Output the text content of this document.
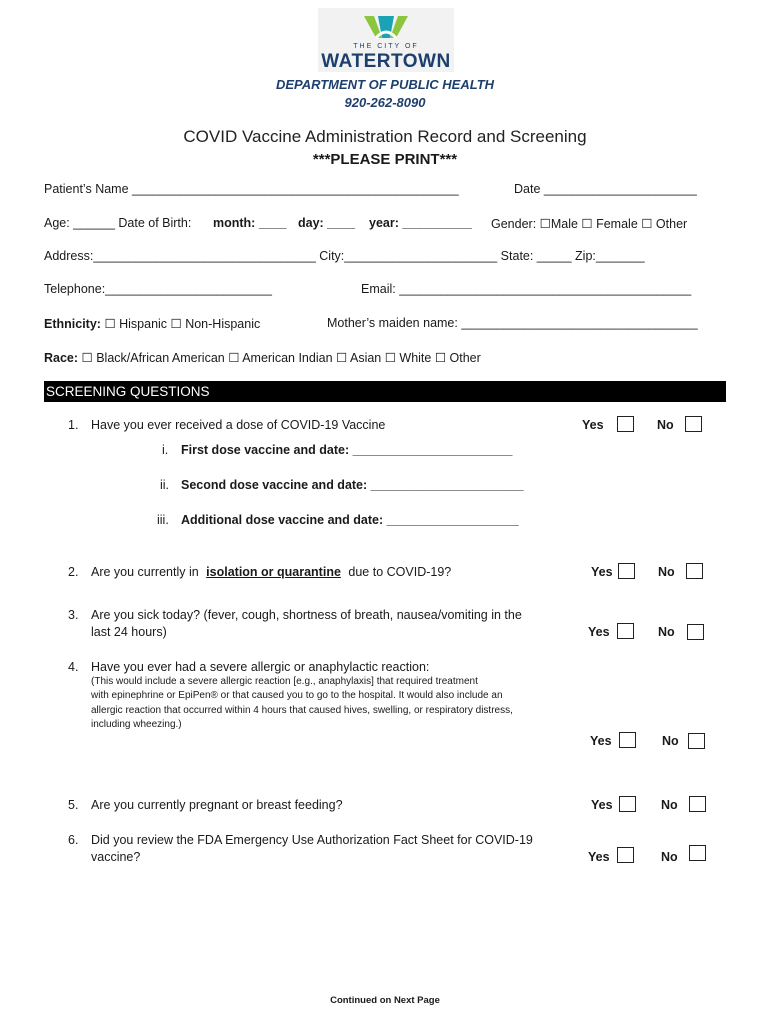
THE CITY OF
WATERTOWN
DEPARTMENT OF PUBLIC HEALTH
920-262-8090
COVID Vaccine Administration Record and Screening
***PLEASE PRINT***
Patient’s Name _______________________________________________	Date ______________________
Age: ______ Date of Birth: month: ____ day: ____ year: __________ Gender: ☐Male ☐ Female ☐ Other
Address:________________________________ City:______________________ State: _____ Zip:_______
Telephone:________________________	Email: __________________________________________
Ethnicity: ☐ Hispanic ☐ Non-Hispanic	Mother’s maiden name: __________________________________
Race: ☐ Black/African American ☐ American Indian ☐ Asian ☐ White ☐ Other
SCREENING QUESTIONS
1. Have you ever received a dose of COVID-19 Vaccine	Yes	No
i. First dose vaccine and date: _______________________
ii. Second dose vaccine and date: ______________________
iii. Additional dose vaccine and date: ___________________
2. Are you currently in isolation or quarantine due to COVID-19?	Yes	No
3. Are you sick today? (fever, cough, shortness of breath, nausea/vomiting in the
last 24 hours)	Yes	No
4. Have you ever had a severe allergic or anaphylactic reaction:
(This would include a severe allergic reaction [e.g., anaphylaxis] that required treatment
with epinephrine or EpiPen® or that caused you to go to the hospital. It would also include an
allergic reaction that occurred within 4 hours that caused hives, swelling, or respiratory distress,
including wheezing.)
Yes	No
5. Are you currently pregnant or breast feeding?	Yes	No
6. Did you review the FDA Emergency Use Authorization Fact Sheet for COVID-19
vaccine?	Yes	No
Continued on Next Page
